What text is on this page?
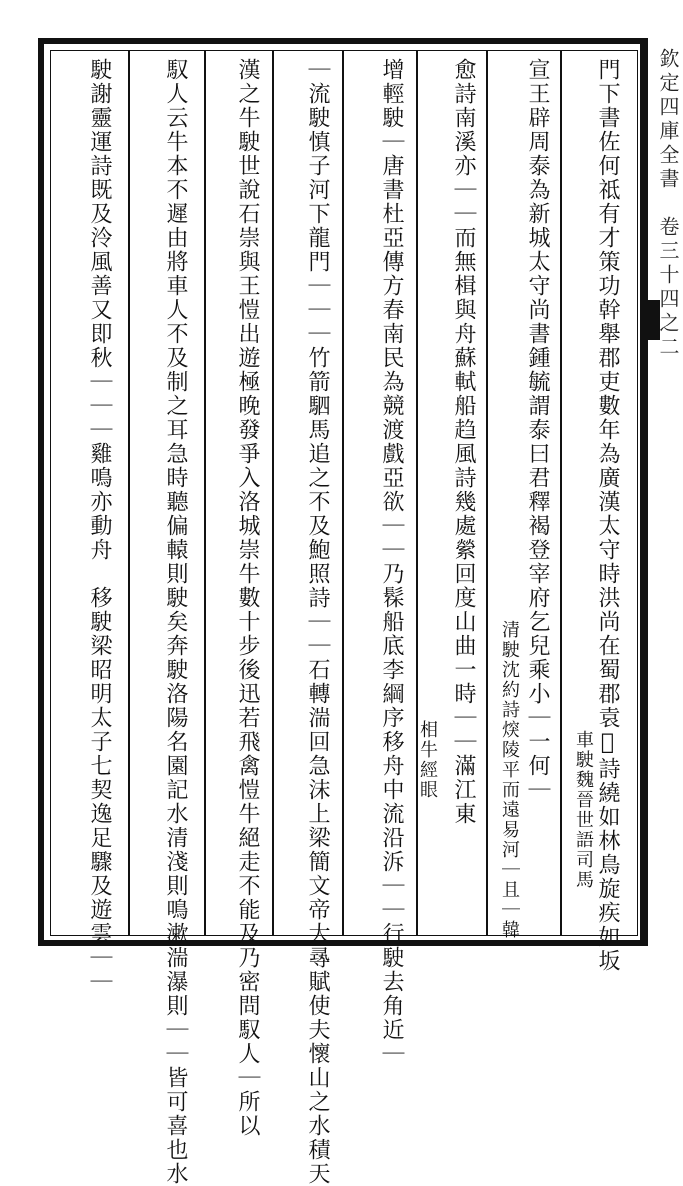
欽定四庫全書　卷三十四之二
門下書佐何祗有才策功幹舉郡吏數年為廣漢太守時洪尚在蜀郡袁𥨊詩繞如林鳥旋疾如坂
宣王辟周泰為新城太守尚書鍾毓謂泰曰君釋褐登宰府乞兒乘小｜一何｜
愈詩南溪亦｜｜而無楫與舟蘇軾船趋風詩幾處縈回度山曲一時｜｜滿江東
增輕駛｜唐書杜亞傳方春南民為競渡戲亞欲｜｜乃髹船底李綱序移舟中流沿泝｜｜行駛去角近｜
｜流駛慎子河下龍門｜｜｜竹箭駟馬追之不及鮑照詩｜｜石轉湍回急沫上梁簡文帝大㝷賦使夫懷山之水積天
漢之牛駛世說石崇與王愷出遊極晚發爭入洛城崇牛數十步後迅若飛禽愷牛絕走不能及乃密問馭人｜所以
馭人云牛本不遲由將車人不及制之耳急時聽偏轅則駛矣奔駛洛陽名園記水清淺則鳴漱湍瀑則｜｜皆可喜也水
駛謝靈運詩既及泠風善又即秋｜｜｜雞鳴亦動舟　移駛梁昭明太子七契逸足驟及遊雲｜｜	清駛沈約詩㷝陵平而遠易河｜且｜韓	車駛魏晉世語司馬
相牛經眼
